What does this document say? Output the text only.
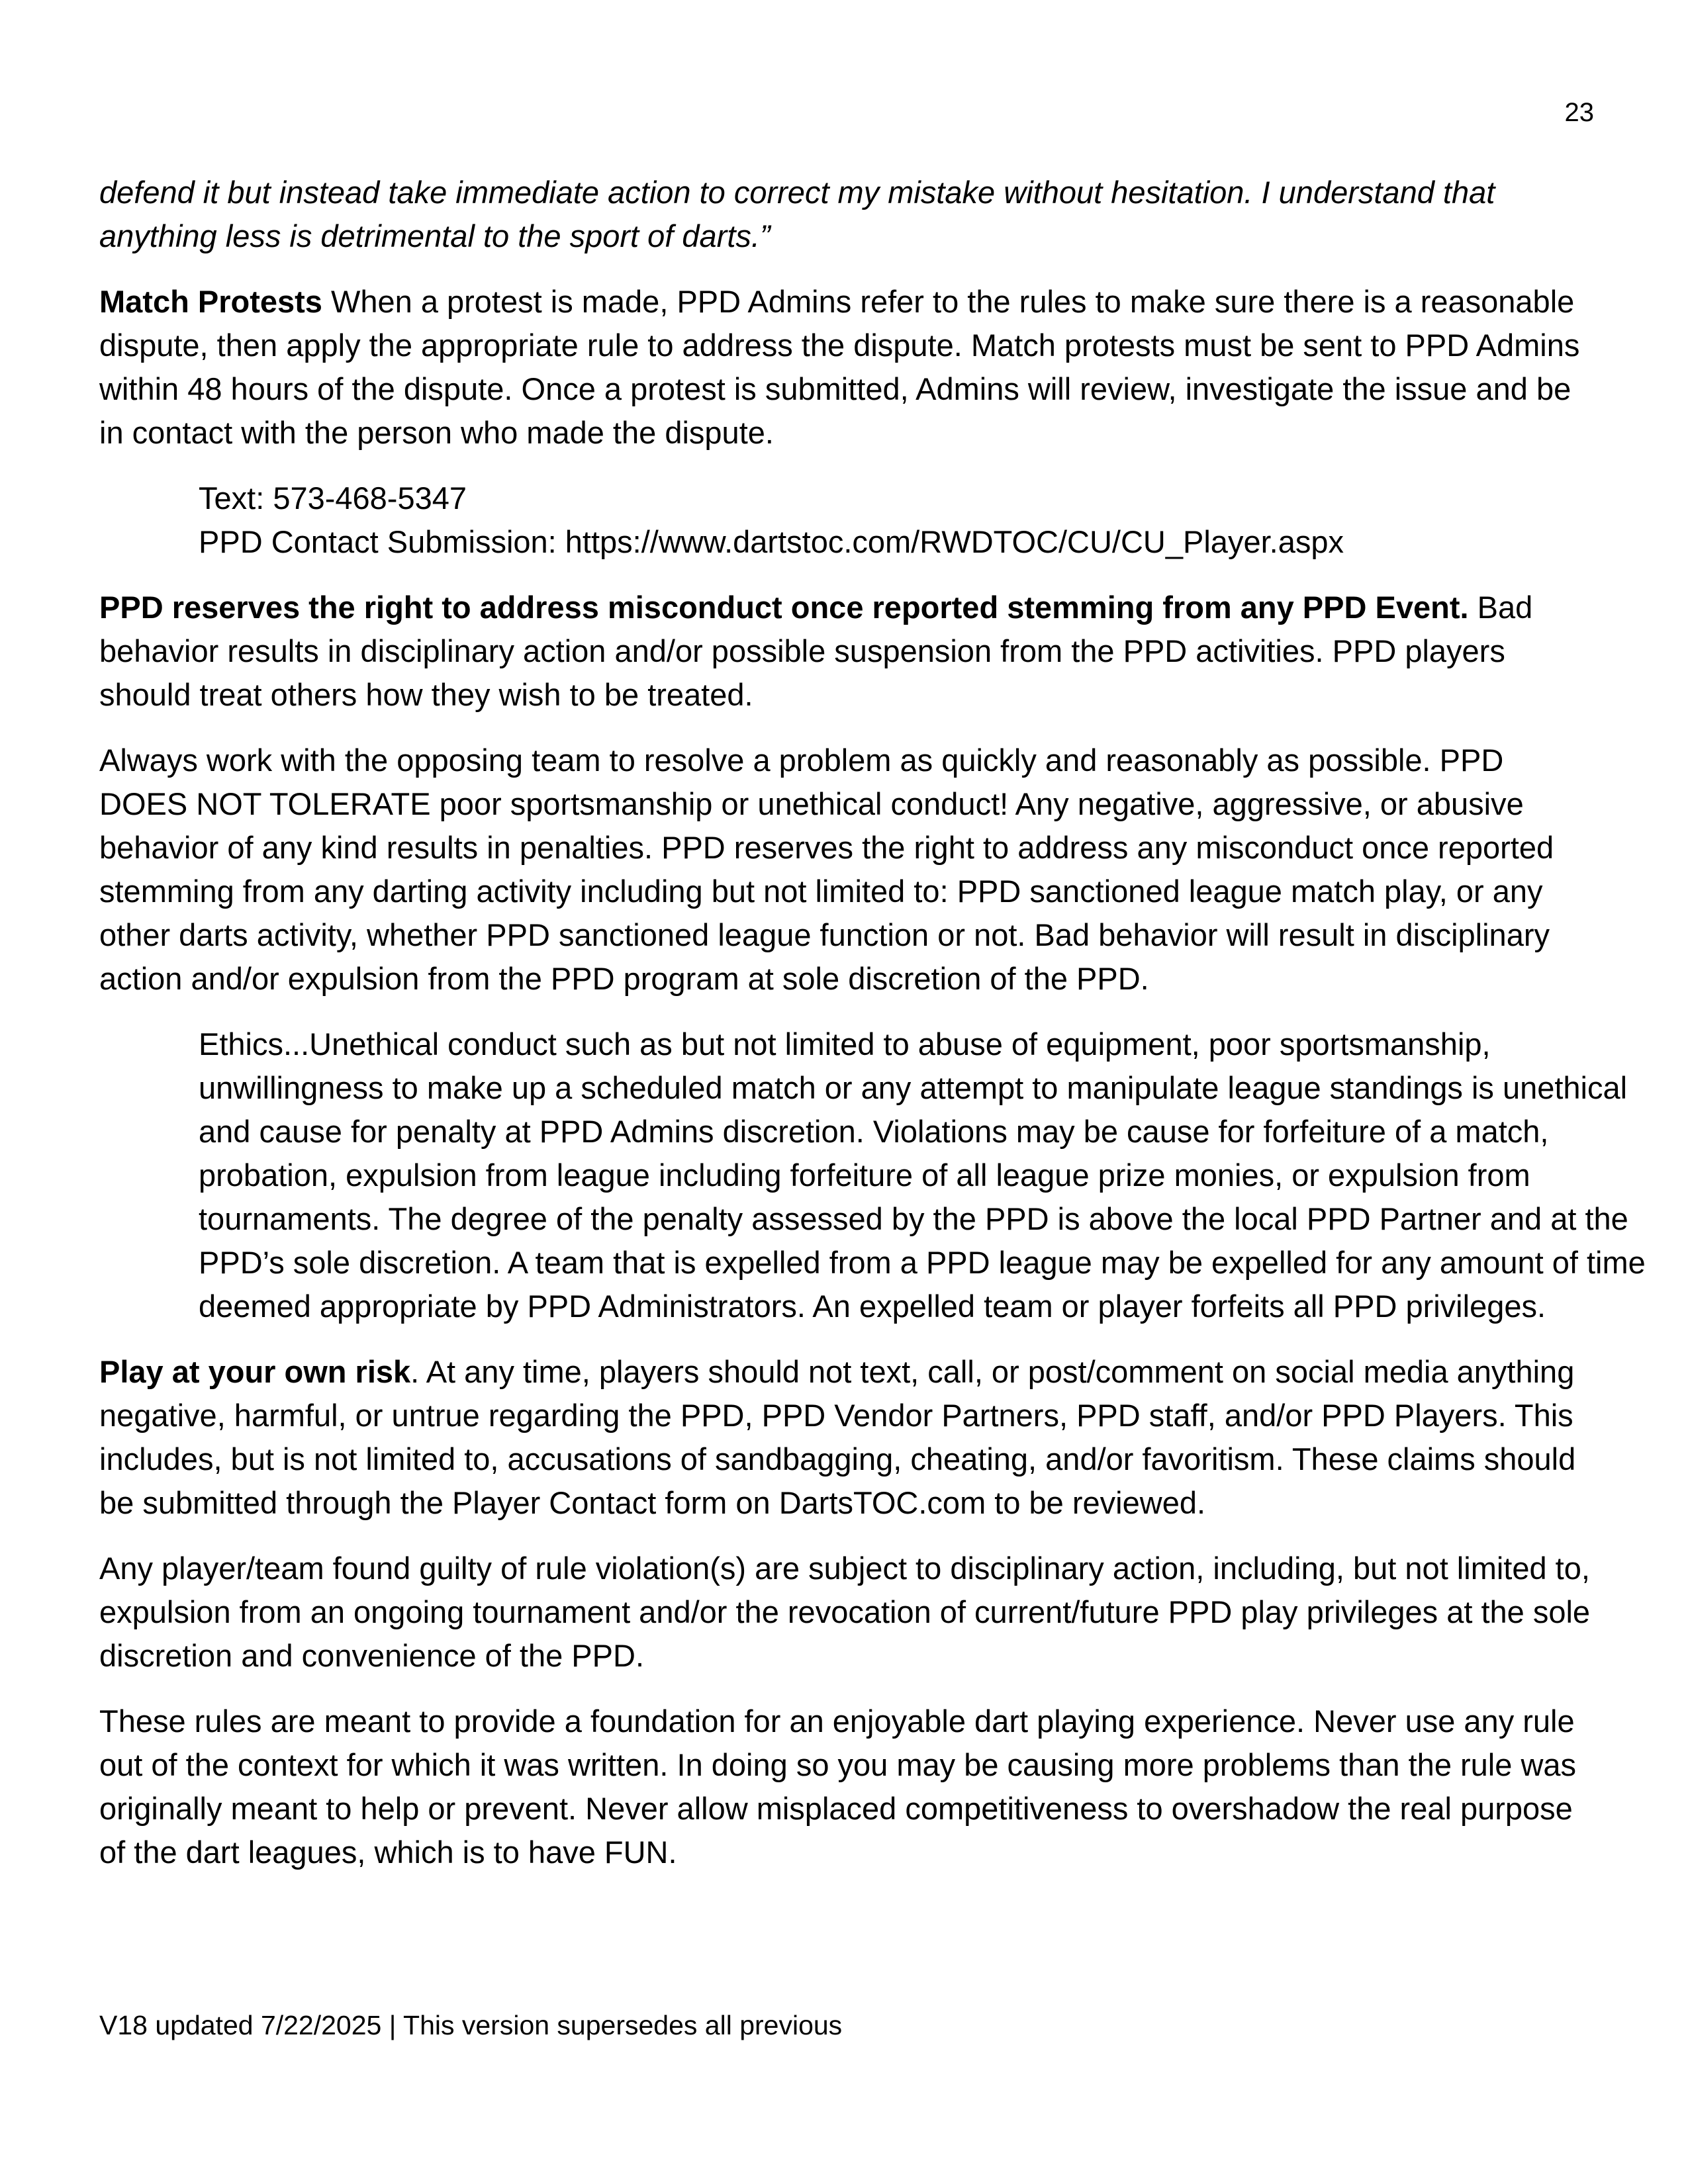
23

defend it but instead take immediate action to correct my mistake without hesitation. I understand that anything less is detrimental to the sport of darts.”

Match Protests When a protest is made, PPD Admins refer to the rules to make sure there is a reasonable dispute, then apply the appropriate rule to address the dispute. Match protests must be sent to PPD Admins within 48 hours of the dispute. Once a protest is submitted, Admins will review, investigate the issue and be in contact with the person who made the dispute.

Text: 573-468-5347
PPD Contact Submission: https://www.dartstoc.com/RWDTOC/CU/CU_Player.aspx

PPD reserves the right to address misconduct once reported stemming from any PPD Event. Bad behavior results in disciplinary action and/or possible suspension from the PPD activities. PPD players should treat others how they wish to be treated.

Always work with the opposing team to resolve a problem as quickly and reasonably as possible. PPD DOES NOT TOLERATE poor sportsmanship or unethical conduct! Any negative, aggressive, or abusive behavior of any kind results in penalties. PPD reserves the right to address any misconduct once reported stemming from any darting activity including but not limited to: PPD sanctioned league match play, or any other darts activity, whether PPD sanctioned league function or not. Bad behavior will result in disciplinary action and/or expulsion from the PPD program at sole discretion of the PPD.

Ethics...Unethical conduct such as but not limited to abuse of equipment, poor sportsmanship, unwillingness to make up a scheduled match or any attempt to manipulate league standings is unethical and cause for penalty at PPD Admins discretion. Violations may be cause for forfeiture of a match, probation, expulsion from league including forfeiture of all league prize monies, or expulsion from tournaments. The degree of the penalty assessed by the PPD is above the local PPD Partner and at the PPD’s sole discretion. A team that is expelled from a PPD league may be expelled for any amount of time deemed appropriate by PPD Administrators. An expelled team or player forfeits all PPD privileges.

Play at your own risk. At any time, players should not text, call, or post/comment on social media anything negative, harmful, or untrue regarding the PPD, PPD Vendor Partners, PPD staff, and/or PPD Players. This includes, but is not limited to, accusations of sandbagging, cheating, and/or favoritism. These claims should be submitted through the Player Contact form on DartsTOC.com to be reviewed.

Any player/team found guilty of rule violation(s) are subject to disciplinary action, including, but not limited to, expulsion from an ongoing tournament and/or the revocation of current/future PPD play privileges at the sole discretion and convenience of the PPD.

These rules are meant to provide a foundation for an enjoyable dart playing experience. Never use any rule out of the context for which it was written. In doing so you may be causing more problems than the rule was originally meant to help or prevent. Never allow misplaced competitiveness to overshadow the real purpose of the dart leagues, which is to have FUN.

V18 updated 7/22/2025 | This version supersedes all previous
